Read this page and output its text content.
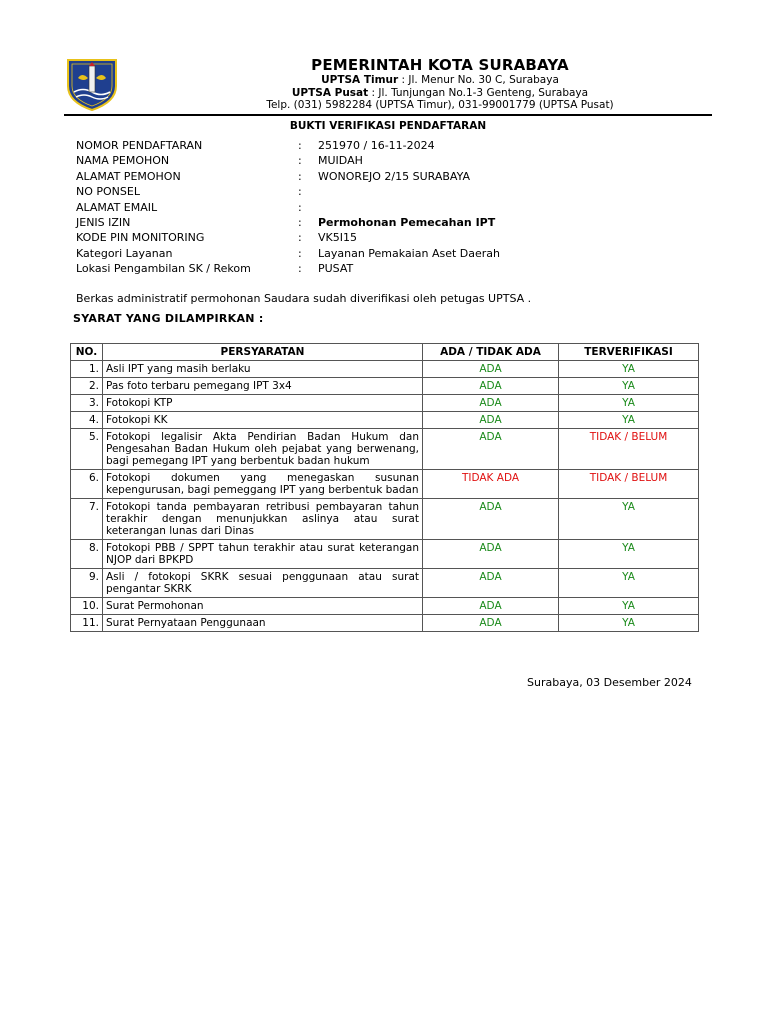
PEMERINTAH KOTA SURABAYA
UPTSA Timur : Jl. Menur No. 30 C, Surabaya
UPTSA Pusat : Jl. Tunjungan No.1-3 Genteng, Surabaya
Telp. (031) 5982284 (UPTSA Timur), 031-99001779 (UPTSA Pusat)
BUKTI VERIFIKASI PENDAFTARAN
NOMOR PENDAFTARAN	: 251970 / 16-11-2024
NAMA PEMOHON	: MUIDAH
ALAMAT PEMOHON	: WONOREJO 2/15 SURABAYA
NO PONSEL	:
ALAMAT EMAIL	:
JENIS IZIN	: Permohonan Pemecahan IPT
KODE PIN MONITORING	: VK5I15
Kategori Layanan	: Layanan Pemakaian Aset Daerah
Lokasi Pengambilan SK / Rekom	: PUSAT
Berkas administratif permohonan Saudara sudah diverifikasi oleh petugas UPTSA .
SYARAT YANG DILAMPIRKAN :
NO.	PERSYARATAN	ADA / TIDAK ADA	TERVERIFIKASI
1.	Asli IPT yang masih berlaku	ADA	YA
2.	Pas foto terbaru pemegang IPT 3x4	ADA	YA
3.	Fotokopi KTP	ADA	YA
4.	Fotokopi KK	ADA	YA
5.	Fotokopi legalisir Akta Pendirian Badan Hukum dan Pengesahan Badan Hukum oleh pejabat yang berwenang, bagi pemegang IPT yang berbentuk badan hukum	ADA	TIDAK / BELUM
6.	Fotokopi dokumen yang menegaskan susunan kepengurusan, bagi pemeggang IPT yang berbentuk badan	TIDAK ADA	TIDAK / BELUM
7.	Fotokopi tanda pembayaran retribusi pembayaran tahun terakhir dengan menunjukkan aslinya atau surat keterangan lunas dari Dinas	ADA	YA
8.	Fotokopi PBB / SPPT tahun terakhir atau surat keterangan NJOP dari BPKPD	ADA	YA
9.	Asli / fotokopi SKRK sesuai penggunaan atau surat pengantar SKRK	ADA	YA
10.	Surat Permohonan	ADA	YA
11.	Surat Pernyataan Penggunaan	ADA	YA
Surabaya, 03 Desember 2024
